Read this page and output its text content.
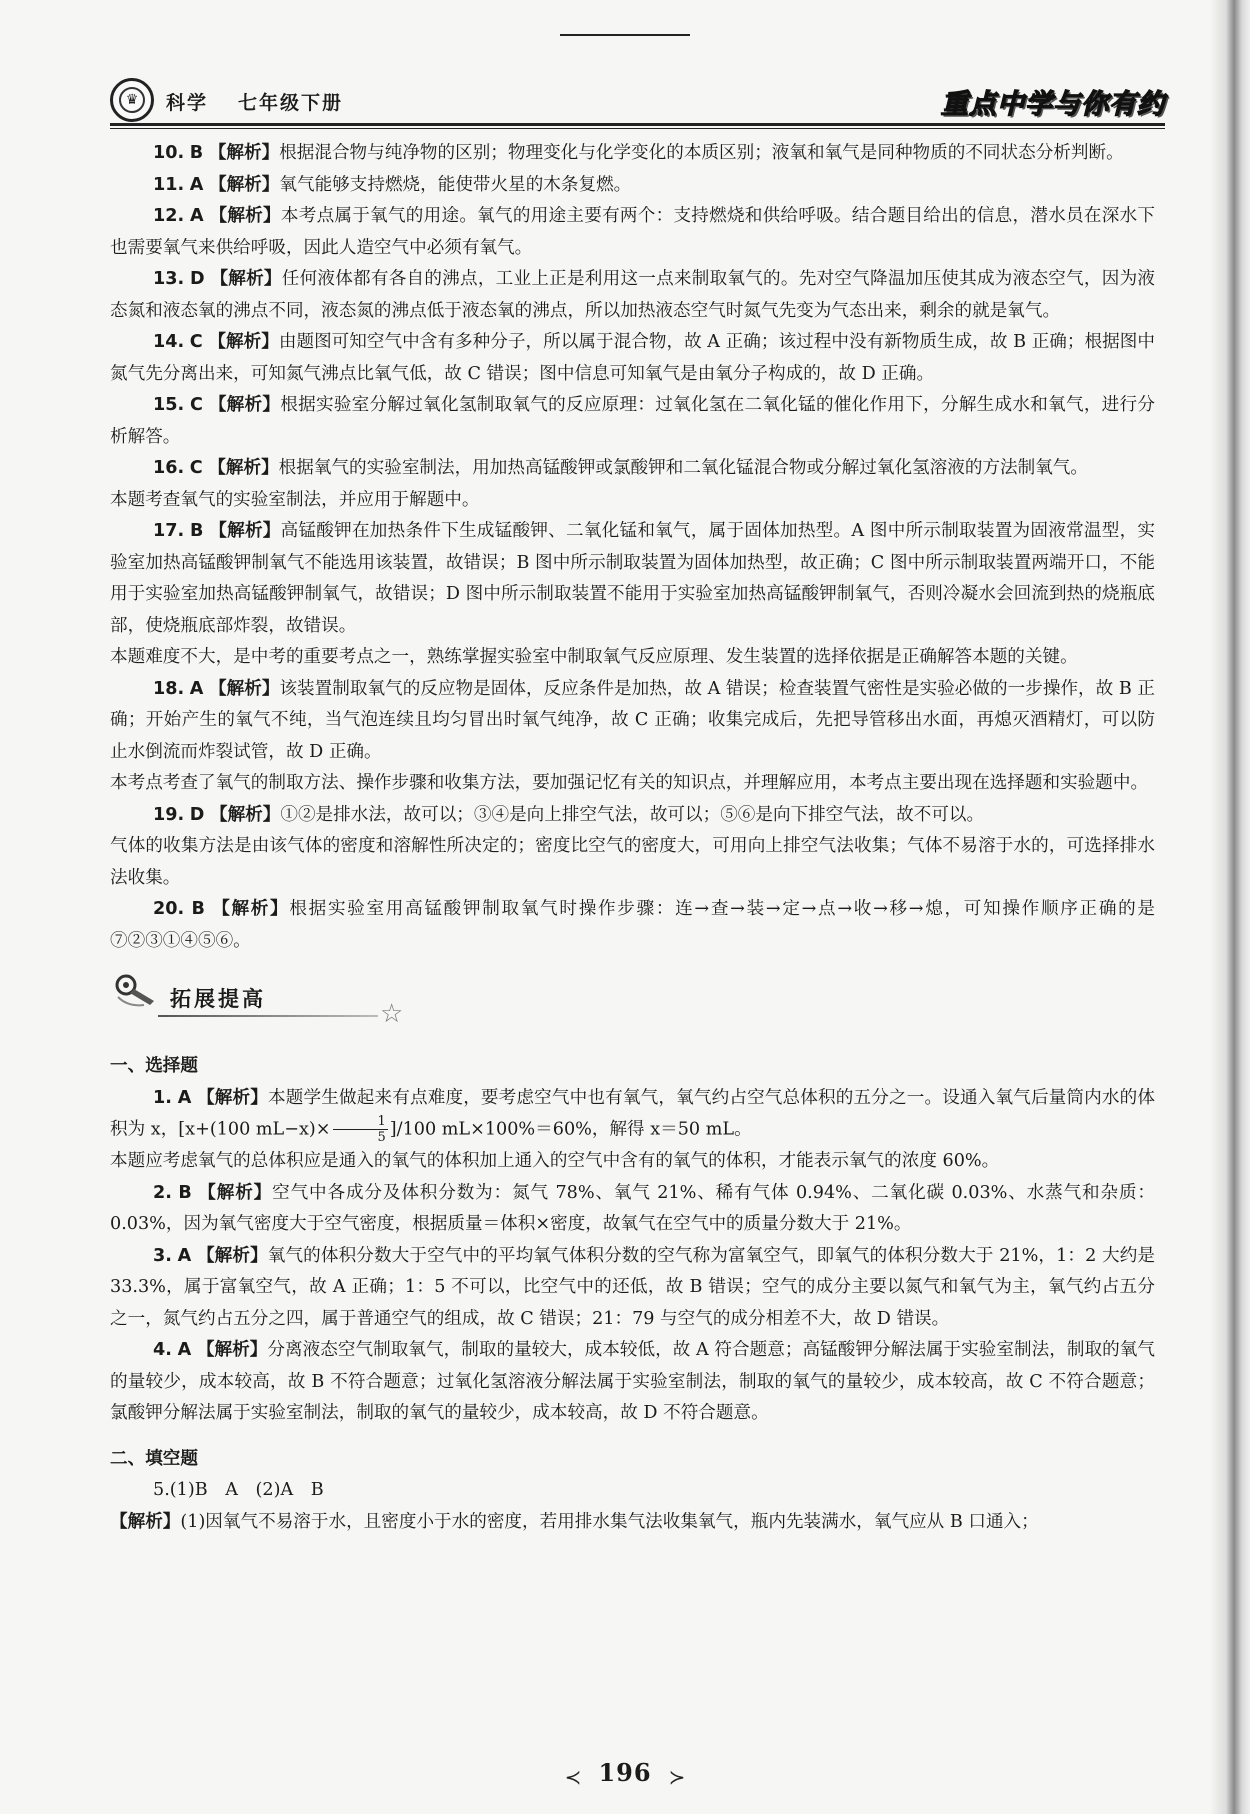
♛	科学 七年级下册	重点中学与你有约

10. B 【解析】根据混合物与纯净物的区别；物理变化与化学变化的本质区别；液氧和氧气是同种物质的不同状态分析判断。

11. A 【解析】氧气能够支持燃烧，能使带火星的木条复燃。

12. A 【解析】本考点属于氧气的用途。氧气的用途主要有两个：支持燃烧和供给呼吸。结合题目给出的信息，潜水员在深水下也需要氧气来供给呼吸，因此人造空气中必须有氧气。

13. D 【解析】任何液体都有各自的沸点，工业上正是利用这一点来制取氧气的。先对空气降温加压使其成为液态空气，因为液态氮和液态氧的沸点不同，液态氮的沸点低于液态氧的沸点，所以加热液态空气时氮气先变为气态出来，剩余的就是氧气。

14. C 【解析】由题图可知空气中含有多种分子，所以属于混合物，故 A 正确；该过程中没有新物质生成，故 B 正确；根据图中氮气先分离出来，可知氮气沸点比氧气低，故 C 错误；图中信息可知氧气是由氧分子构成的，故 D 正确。

15. C 【解析】根据实验室分解过氧化氢制取氧气的反应原理：过氧化氢在二氧化锰的催化作用下，分解生成水和氧气，进行分析解答。

16. C 【解析】根据氧气的实验室制法，用加热高锰酸钾或氯酸钾和二氧化锰混合物或分解过氧化氢溶液的方法制氧气。

本题考查氧气的实验室制法，并应用于解题中。

17. B 【解析】高锰酸钾在加热条件下生成锰酸钾、二氧化锰和氧气，属于固体加热型。A 图中所示制取装置为固液常温型，实验室加热高锰酸钾制氧气不能选用该装置，故错误；B 图中所示制取装置为固体加热型，故正确；C 图中所示制取装置两端开口，不能用于实验室加热高锰酸钾制氧气，故错误；D 图中所示制取装置不能用于实验室加热高锰酸钾制氧气，否则冷凝水会回流到热的烧瓶底部，使烧瓶底部炸裂，故错误。

本题难度不大，是中考的重要考点之一，熟练掌握实验室中制取氧气反应原理、发生装置的选择依据是正确解答本题的关键。

18. A 【解析】该装置制取氧气的反应物是固体，反应条件是加热，故 A 错误；检查装置气密性是实验必做的一步操作，故 B 正确；开始产生的氧气不纯，当气泡连续且均匀冒出时氧气纯净，故 C 正确；收集完成后，先把导管移出水面，再熄灭酒精灯，可以防止水倒流而炸裂试管，故 D 正确。

本考点考查了氧气的制取方法、操作步骤和收集方法，要加强记忆有关的知识点，并理解应用，本考点主要出现在选择题和实验题中。

19. D 【解析】①②是排水法，故可以；③④是向上排空气法，故可以；⑤⑥是向下排空气法，故不可以。

气体的收集方法是由该气体的密度和溶解性所决定的；密度比空气的密度大，可用向上排空气法收集；气体不易溶于水的，可选择排水法收集。

20. B 【解析】根据实验室用高锰酸钾制取氧气时操作步骤：连→查→装→定→点→收→移→熄，可知操作顺序正确的是⑦②③①④⑤⑥。

拓展提高	☆

一、选择题

1. A 【解析】本题学生做起来有点难度，要考虑空气中也有氧气，氧气约占空气总体积的五分之一。设通入氧气后量筒内水的体积为 x，[x+(100 $mL-x)\times \frac{1}{5} ]/100$ mL×100%＝60%，解得 x＝50 mL。

本题应考虑氧气的总体积应是通入的氧气的体积加上通入的空气中含有的氧气的体积，才能表示氧气的浓度 60%。

2. B 【解析】空气中各成分及体积分数为：氮气 78%、氧气 21%、稀有气体 0.94%、二氧化碳 0.03%、水蒸气和杂质：0.03%，因为氧气密度大于空气密度，根据质量＝体积×密度，故氧气在空气中的质量分数大于 21%。

3. A 【解析】氧气的体积分数大于空气中的平均氧气体积分数的空气称为富氧空气，即氧气的体积分数大于 21%，1：2 大约是 33.3%，属于富氧空气，故 A 正确；1：5 不可以，比空气中的还低，故 B 错误；空气的成分主要以氮气和氧气为主，氧气约占五分之一，氮气约占五分之四，属于普通空气的组成，故 C 错误；21：79 与空气的成分相差不大，故 D 错误。

4. A 【解析】分离液态空气制取氧气，制取的量较大，成本较低，故 A 符合题意；高锰酸钾分解法属于实验室制法，制取的氧气的量较少，成本较高，故 B 不符合题意；过氧化氢溶液分解法属于实验室制法，制取的氧气的量较少，成本较高，故 C 不符合题意；氯酸钾分解法属于实验室制法，制取的氧气的量较少，成本较高，故 D 不符合题意。

二、填空题

5.(1)B　A　(2)A　B

【解析】(1)因氧气不易溶于水，且密度小于水的密度，若用排水集气法收集氧气，瓶内先装满水，氧气应从 B 口通入；

≺ 196 ≻
